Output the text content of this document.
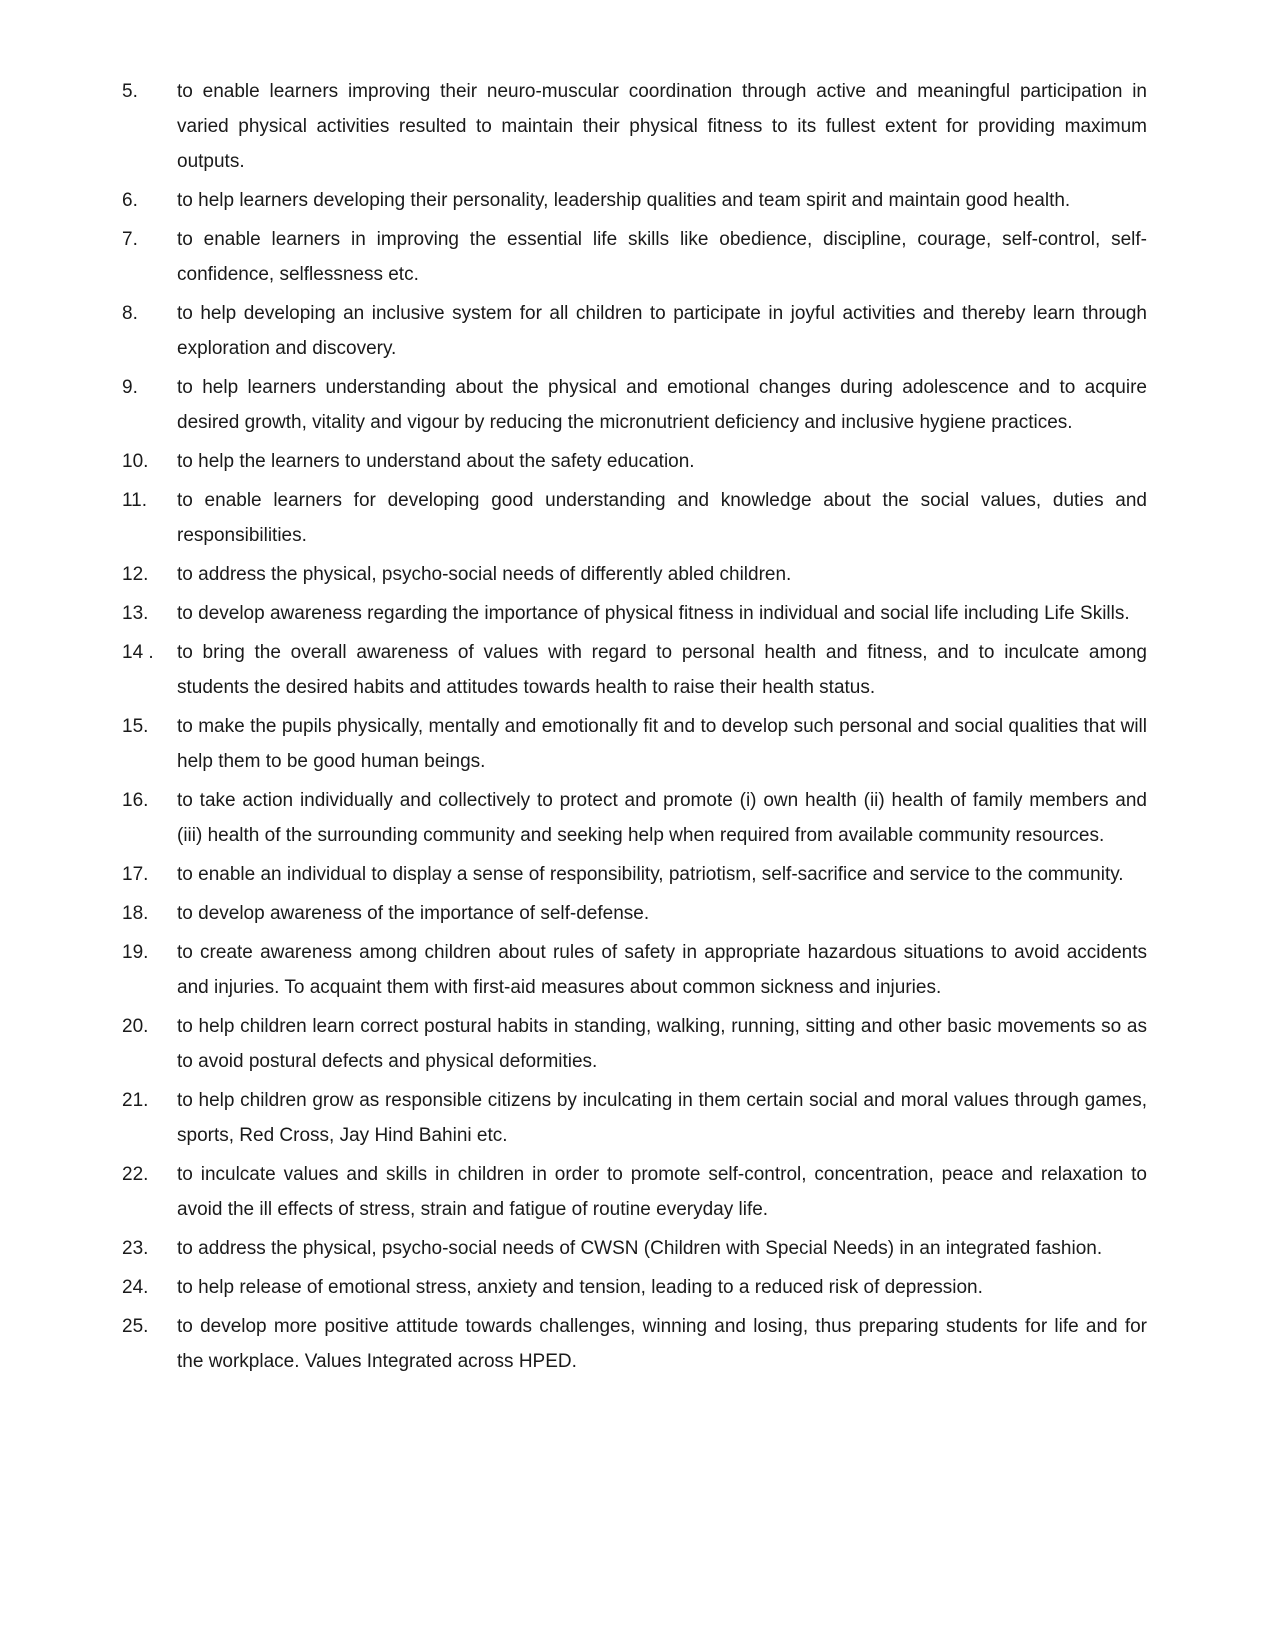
5.	to enable learners improving their neuro-muscular coordination through active and meaningful participation in varied physical activities resulted to maintain their physical fitness to its fullest extent for providing maximum outputs.
6.	to help learners developing their personality, leadership qualities and team spirit and maintain good health.
7.	to enable learners in improving the essential life skills like obedience, discipline, courage, self-control, self-confidence, selflessness etc.
8.	to help developing an inclusive system for all children to participate in joyful activities and thereby learn through exploration and discovery.
9.	to help learners understanding about the physical and emotional changes during adolescence and to acquire desired growth, vitality and vigour by reducing the micronutrient deficiency and inclusive hygiene practices.
10.	to help the learners to understand about the safety education.
11.	to enable learners for developing good understanding and knowledge about the social values, duties and responsibilities.
12.	to address the physical, psycho-social needs of differently abled children.
13.	to develop awareness regarding the importance of physical fitness in individual and social life including Life Skills.
14 .	to bring the overall awareness of values with regard to personal health and fitness, and to inculcate among students the desired habits and attitudes towards health to raise their health status.
15.	to make the pupils physically, mentally and emotionally fit and to develop such personal and social qualities that will help them to be good human beings.
16.	to take action individually and collectively to protect and promote (i) own health (ii) health of family members and (iii) health of the surrounding community and seeking help when required from available community resources.
17.	to enable an individual to display a sense of responsibility, patriotism, self-sacrifice and service to the community.
18.	to develop awareness of the importance of self-defense.
19.	to create awareness among children about rules of safety in appropriate hazardous situations to avoid accidents and injuries. To acquaint them with first-aid measures about common sickness and injuries.
20.	to help children learn correct postural habits in standing, walking, running, sitting and other basic movements so as to avoid postural defects and physical deformities.
21.	to help children grow as responsible citizens by inculcating in them certain social and moral values through games, sports, Red Cross, Jay Hind Bahini etc.
22.	to inculcate values and skills in children in order to promote self-control, concentration, peace and relaxation to avoid the ill effects of stress, strain and fatigue of routine everyday life.
23.	to address the physical, psycho-social needs of CWSN (Children with Special Needs) in an integrated fashion.
24.	to help release of emotional stress, anxiety and tension, leading to a reduced risk of depression.
25.	to develop more positive attitude towards challenges, winning and losing, thus preparing students for life and for the workplace. Values Integrated across HPED.
